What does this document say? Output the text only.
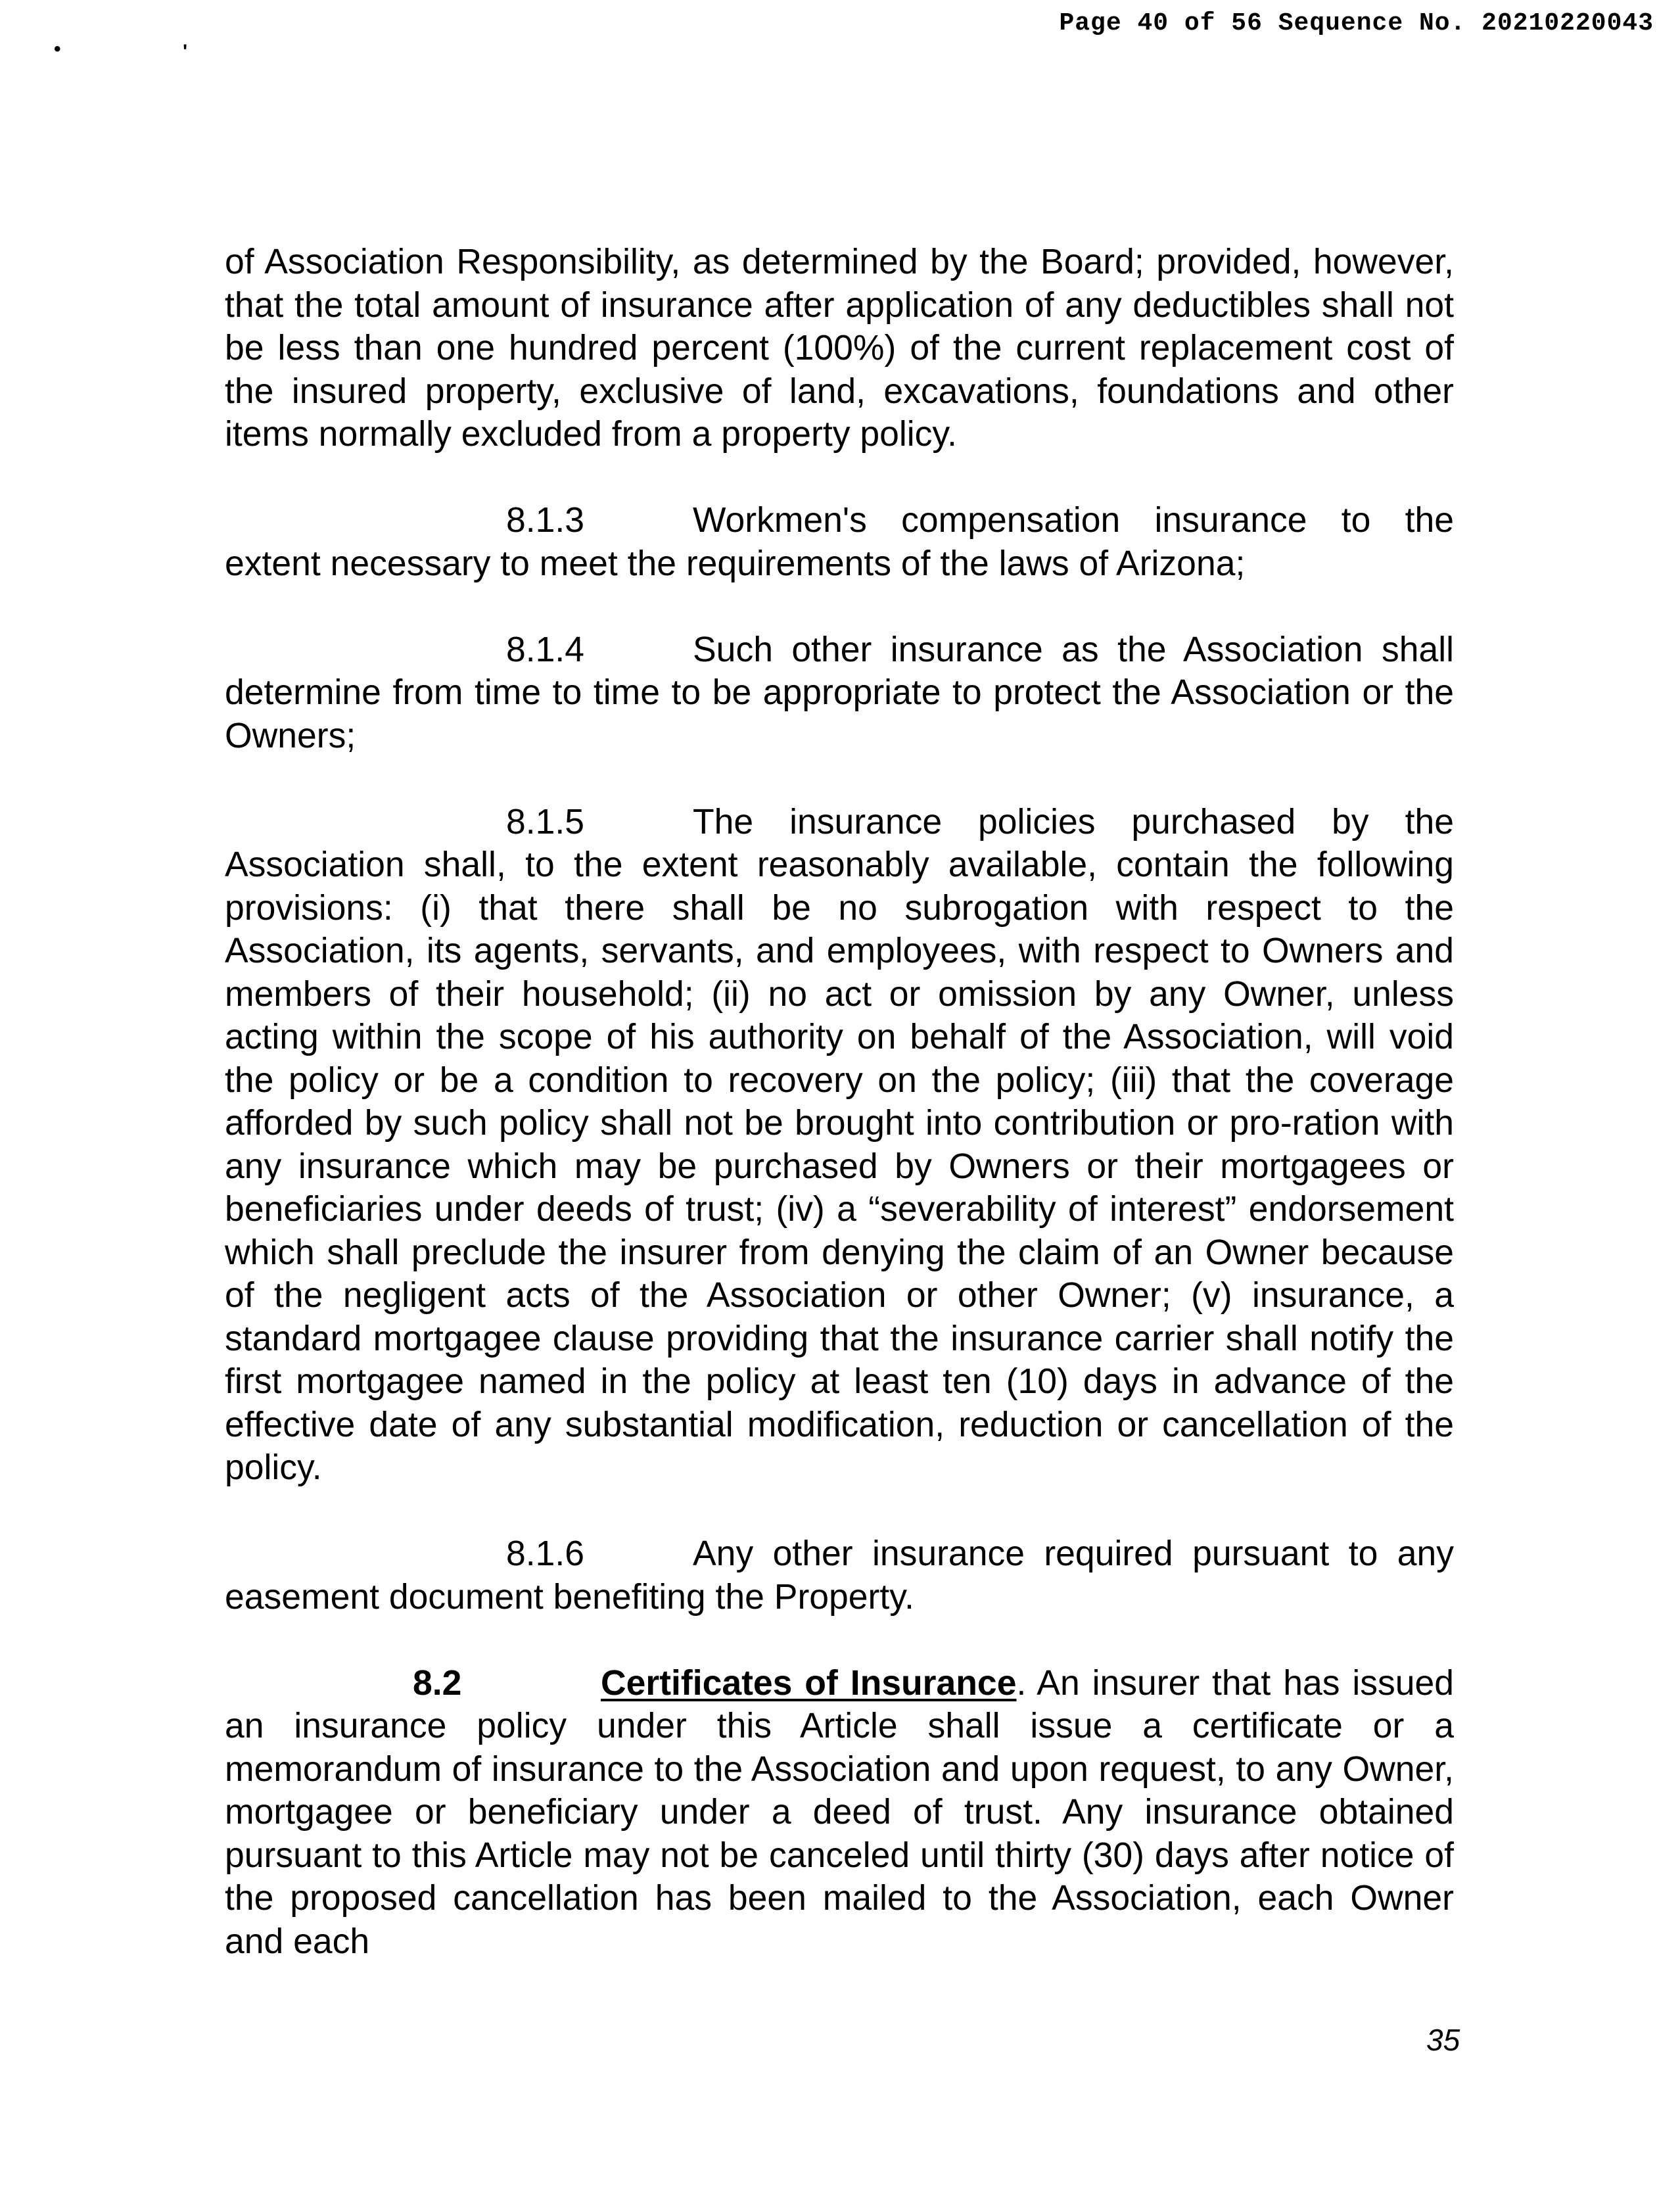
Page 40 of 56 Sequence No. 20210220043
•	'

of Association Responsibility, as determined by the Board; provided, however, that the total amount of insurance after application of any deductibles shall not be less than one hundred percent (100%) of the current replacement cost of the insured property, exclusive of land, excavations, foundations and other items normally excluded from a property policy.

8.1.3	Workmen's compensation insurance to the extent necessary to meet the requirements of the laws of Arizona;

8.1.4	Such other insurance as the Association shall determine from time to time to be appropriate to protect the Association or the Owners;

8.1.5	The insurance policies purchased by the Association shall, to the extent reasonably available, contain the following provisions: (i) that there shall be no subrogation with respect to the Association, its agents, servants, and employees, with respect to Owners and members of their household; (ii) no act or omission by any Owner, unless acting within the scope of his authority on behalf of the Association, will void the policy or be a condition to recovery on the policy; (iii) that the coverage afforded by such policy shall not be brought into contribution or pro-ration with any insurance which may be purchased by Owners or their mortgagees or beneficiaries under deeds of trust; (iv) a “severability of interest” endorsement which shall preclude the insurer from denying the claim of an Owner because of the negligent acts of the Association or other Owner; (v) insurance, a standard mortgagee clause providing that the insurance carrier shall notify the first mortgagee named in the policy at least ten (10) days in advance of the effective date of any substantial modification, reduction or cancellation of the policy.

8.1.6	Any other insurance required pursuant to any easement document benefiting the Property.

8.2	Certificates of Insurance. An insurer that has issued an insurance policy under this Article shall issue a certificate or a memorandum of insurance to the Association and upon request, to any Owner, mortgagee or beneficiary under a deed of trust. Any insurance obtained pursuant to this Article may not be canceled until thirty (30) days after notice of the proposed cancellation has been mailed to the Association, each Owner and each

35
